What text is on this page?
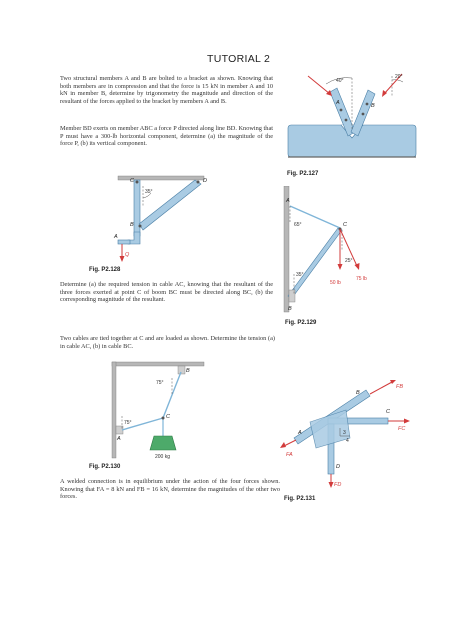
TUTORIAL 2
Two structural members A and B are bolted to a bracket as shown. Knowing that both members are in compression and that the force is 15 kN in member A and 10 kN in member B, determine by trigonometry the magnitude and direction of the resultant of the forces applied to the bracket by members A and B.
40°
20°
A	B
Fig. P2.127
Member BD exerts on member ABC a force P directed along line BD. Knowing that P must have a 300-lb horizontal component, determine (a) the magnitude of the force P, (b) its vertical component.
C	D
35°
B
A
Q
Fig. P2.128
Determine (a) the required tension in cable AC, knowing that the resultant of the three forces exerted at point C of boom BC must be directed along BC, (b) the corresponding magnitude of the resultant.
A
65°	C
25°
75 lb
50 lb
35°
B
Fig. P2.129
Two cables are tied together at C and are loaded as shown. Determine the tension (a) in cable AC, (b) in cable BC.
B
75°
75°
C
A
200 kg
Fig. P2.130
A welded connection is in equilibrium under the action of the four forces shown. Knowing that FA = 8 kN and FB = 16 kN, determine the magnitudes of the other two forces.
FB
B
C
FC
A
FA
3
4
D
FD
Fig. P2.131
